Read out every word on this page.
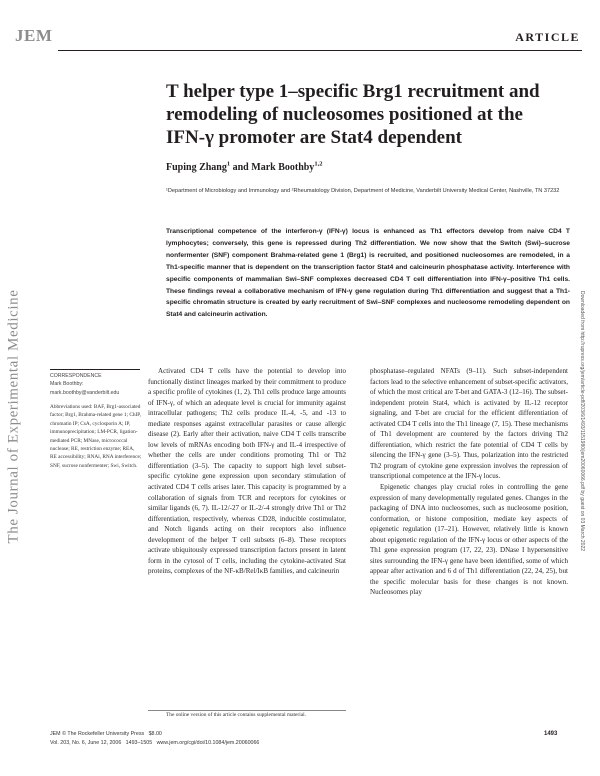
JEM	ARTICLE
The Journal of Experimental Medicine	Downloaded from http://rupress.org/jem/article-pdf/203/6/1493/1151980/jem20060066.pdf by guest on 03 March 2022
T helper type 1–specific Brg1 recruitment and remodeling of nucleosomes positioned at the IFN-γ promoter are Stat4 dependent
Fuping Zhang$^1$ and Mark Boothby$^{1,2}$
¹Department of Microbiology and Immunology and ²Rheumatology Division, Department of Medicine, Vanderbilt University Medical Center, Nashville, TN 37232
Transcriptional competence of the interferon-γ (IFN-γ) locus is enhanced as Th1 effectors develop from naive CD4 T lymphocytes; conversely, this gene is repressed during Th2 differentiation. We now show that the Switch (Swi)–sucrose nonfermenter (SNF) component Brahma-related gene 1 (Brg1) is recruited, and positioned nucleosomes are remodeled, in a Th1-specific manner that is dependent on the transcription factor Stat4 and calcineurin phosphatase activity. Interference with specific components of mammalian Swi–SNF complexes decreased CD4 T cell differentiation into IFN-γ–positive Th1 cells. These findings reveal a collaborative mechanism of IFN-γ gene regulation during Th1 differentiation and suggest that a Th1-specific chromatin structure is created by early recruitment of Swi–SNF complexes and nucleosome remodeling dependent on Stat4 and calcineurin activation.
CORRESPONDENCE
Mark Boothby:
mark.boothby@vanderbilt.edu
Abbreviations used: BAF, Brg1-associated factor; Brg1, Brahma-related gene 1; ChIP, chromatin IP; CsA, cyclosporin A; IP, immunoprecipitation; LM-PCR, ligation-mediated PCR; MNase, micrococcal nuclease; RE, restriction enzyme; REA, RE accessibility; RNAi, RNA interference; SNF, sucrose nonfermenter; Swi, Switch.

Activated CD4 T cells have the potential to develop into functionally distinct lineages marked by their commitment to produce a specific profile of cytokines (1, 2). Th1 cells produce large amounts of IFN-γ, of which an adequate level is crucial for immunity against intracellular pathogens; Th2 cells produce IL-4, -5, and -13 to mediate responses against extracellular parasites or cause allergic disease (2). Early after their activation, naive CD4 T cells transcribe low levels of mRNAs encoding both IFN-γ and IL-4 irrespective of whether the cells are under conditions promoting Th1 or Th2 differentiation (3–5). The capacity to support high level subset-specific cytokine gene expression upon secondary stimulation of activated CD4 T cells arises later. This capacity is programmed by a collaboration of signals from TCR and receptors for cytokines or similar ligands (6, 7). IL-12/-27 or IL-2/-4 strongly drive Th1 or Th2 differentiation, respectively, whereas CD28, inducible costimulator, and Notch ligands acting on their receptors also influence development of the helper T cell subsets (6–8). These receptors activate ubiquitously expressed transcription factors present in latent form in the cytosol of T cells, including the cytokine-activated Stat proteins, complexes of the NF-κB/Rel/IκB families, and calcineurin

phosphatase–regulated NFATs (9–11). Such subset-independent factors lead to the selective enhancement of subset-specific activators, of which the most critical are T-bet and GATA-3 (12–16). The subset-independent protein Stat4, which is activated by IL-12 receptor signaling, and T-bet are crucial for the efficient differentiation of activated CD4 T cells into the Th1 lineage (7, 15). These mechanisms of Th1 development are countered by the factors driving Th2 differentiation, which restrict the fate potential of CD4 T cells by silencing the IFN-γ gene (3–5). Thus, polarization into the restricted Th2 program of cytokine gene expression involves the repression of transcriptional competence at the IFN-γ locus.

Epigenetic changes play crucial roles in controlling the gene expression of many developmentally regulated genes. Changes in the packaging of DNA into nucleosomes, such as nucleosome position, conformation, or histone composition, mediate key aspects of epigenetic regulation (17–21). However, relatively little is known about epigenetic regulation of the IFN-γ locus or other aspects of the Th1 gene expression program (17, 22, 23). DNase I hypersensitive sites surrounding the IFN-γ gene have been identified, some of which appear after activation and 6 d of Th1 differentiation (22, 24, 25), but the specific molecular basis for these changes is not known. Nucleosomes play

The online version of this article contains supplemental material.
JEM © The Rockefeller University Press   $8.00
Vol. 203, No. 6, June 12, 2006   1493–1505   www.jem.org/cgi/doi/10.1084/jem.20060066
1493
